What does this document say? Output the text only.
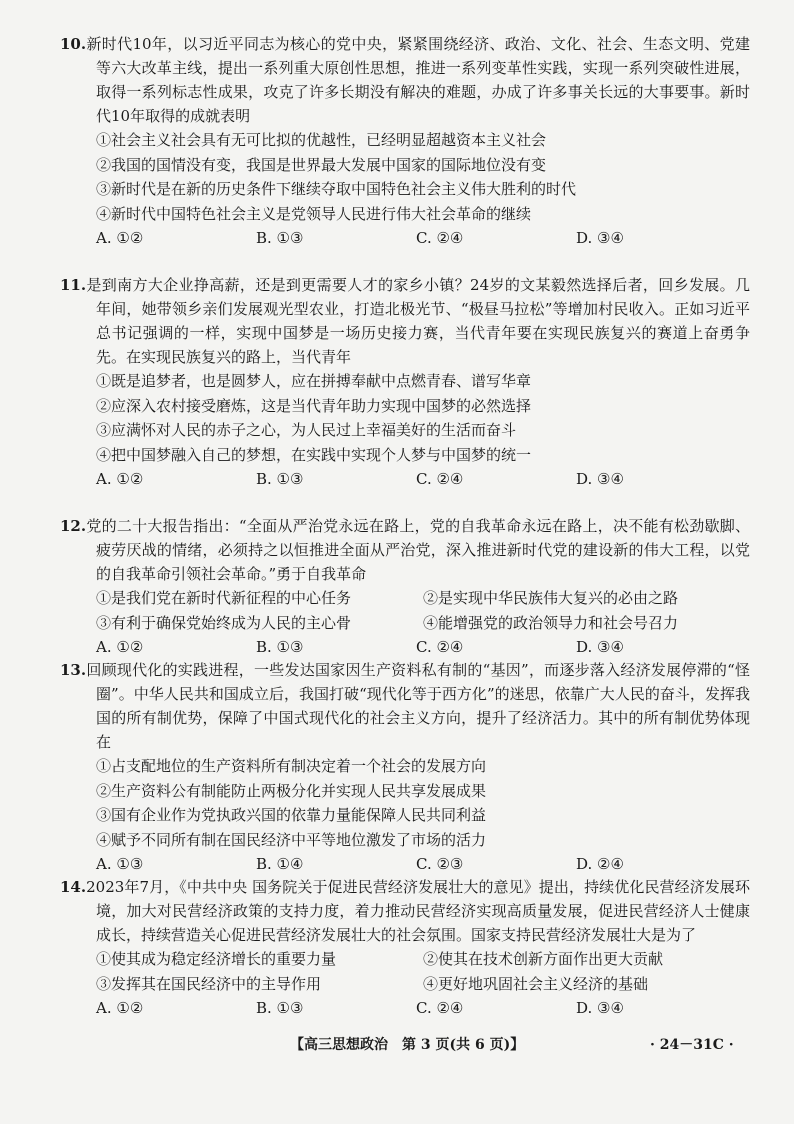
10.新时代10年，以习近平同志为核心的党中央，紧紧围绕经济、政治、文化、社会、生态文明、党建等六大改革主线，提出一系列重大原创性思想，推进一系列变革性实践，实现一系列突破性进展，取得一系列标志性成果，攻克了许多长期没有解决的难题，办成了许多事关长远的大事要事。新时代10年取得的成就表明

①社会主义社会具有无可比拟的优越性，已经明显超越资本主义社会

②我国的国情没有变，我国是世界最大发展中国家的国际地位没有变

③新时代是在新的历史条件下继续夺取中国特色社会主义伟大胜利的时代

④新时代中国特色社会主义是党领导人民进行伟大社会革命的继续

A. ①②	B. ①③	C. ②④	D. ③④

11.是到南方大企业挣高薪，还是到更需要人才的家乡小镇？24岁的文某毅然选择后者，回乡发展。几年间，她带领乡亲们发展观光型农业，打造北极光节、“极昼马拉松”等增加村民收入。正如习近平总书记强调的一样，实现中国梦是一场历史接力赛，当代青年要在实现民族复兴的赛道上奋勇争先。在实现民族复兴的路上，当代青年

①既是追梦者，也是圆梦人，应在拼搏奉献中点燃青春、谱写华章

②应深入农村接受磨炼，这是当代青年助力实现中国梦的必然选择

③应满怀对人民的赤子之心，为人民过上幸福美好的生活而奋斗

④把中国梦融入自己的梦想，在实践中实现个人梦与中国梦的统一

A. ①②	B. ①③	C. ②④	D. ③④

12.党的二十大报告指出：“全面从严治党永远在路上，党的自我革命永远在路上，决不能有松劲歇脚、疲劳厌战的情绪，必须持之以恒推进全面从严治党，深入推进新时代党的建设新的伟大工程，以党的自我革命引领社会革命。”勇于自我革命

①是我们党在新时代新征程的中心任务	②是实现中华民族伟大复兴的必由之路
③有利于确保党始终成为人民的主心骨	④能增强党的政治领导力和社会号召力
A. ①②	B. ①③	C. ②④	D. ③④

13.回顾现代化的实践进程，一些发达国家因生产资料私有制的“基因”，而逐步落入经济发展停滞的“怪圈”。中华人民共和国成立后，我国打破“现代化等于西方化”的迷思，依靠广大人民的奋斗，发挥我国的所有制优势，保障了中国式现代化的社会主义方向，提升了经济活力。其中的所有制优势体现在

①占支配地位的生产资料所有制决定着一个社会的发展方向

②生产资料公有制能防止两极分化并实现人民共享发展成果

③国有企业作为党执政兴国的依靠力量能保障人民共同利益

④赋予不同所有制在国民经济中平等地位激发了市场的活力

A. ①③	B. ①④	C. ②③	D. ②④

14.2023年7月，《中共中央 国务院关于促进民营经济发展壮大的意见》提出，持续优化民营经济发展环境，加大对民营经济政策的支持力度，着力推动民营经济实现高质量发展，促进民营经济人士健康成长，持续营造关心促进民营经济发展壮大的社会氛围。国家支持民营经济发展壮大是为了

①使其成为稳定经济增长的重要力量	②使其在技术创新方面作出更大贡献
③发挥其在国民经济中的主导作用	④更好地巩固社会主义经济的基础
A. ①②	B. ①③	C. ②④	D. ③④
【高三思想政治　第 3 页(共 6 页)】	· 24－31C ·
